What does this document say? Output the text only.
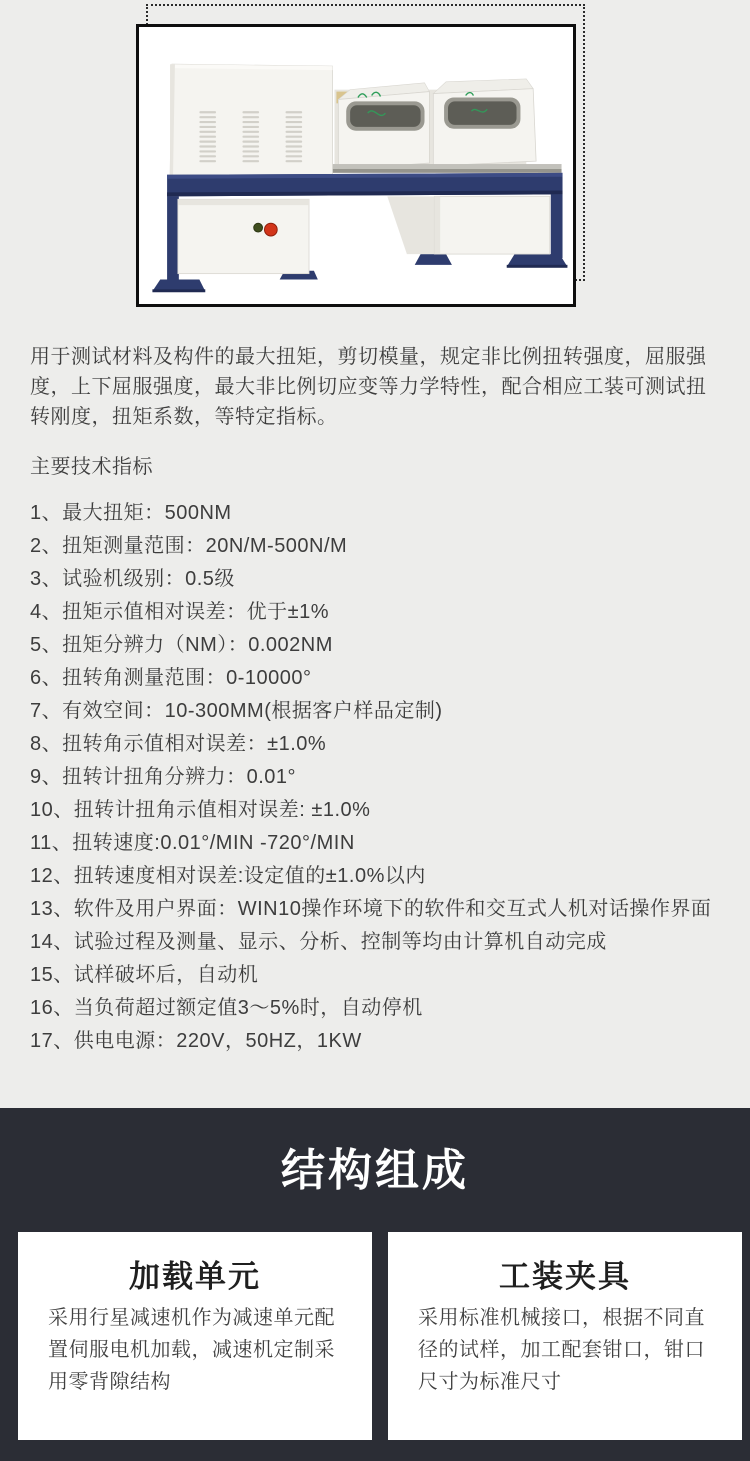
用于测试材料及构件的最大扭矩，剪切模量，规定非比例扭转强度，屈服强度，上下屈服强度，最大非比例切应变等力学特性，配合相应工装可测试扭转刚度，扭矩系数，等特定指标。

主要技术指标

1、最大扭矩：500NM

2、扭矩测量范围：20N/M-500N/M

3、试验机级别：0.5级

4、扭矩示值相对误差：优于±1%

5、扭矩分辨力（NM）：0.002NM

6、扭转角测量范围：0-10000°

7、有效空间：10-300MM(根据客户样品定制)

8、扭转角示值相对误差：±1.0%

9、扭转计扭角分辨力：0.01°

10、扭转计扭角示值相对误差: ±1.0%

11、扭转速度:0.01°/MIN -720°/MIN

12、扭转速度相对误差:设定值的±1.0%以内

13、软件及用户界面：WIN10操作环境下的软件和交互式人机对话操作界面

14、试验过程及测量、显示、分析、控制等均由计算机自动完成

15、试样破坏后，自动机

16、当负荷超过额定值3～5%时，自动停机

17、供电电源：220V，50HZ，1KW

结构组成
加载单元

采用行星减速机作为减速单元配置伺服电机加载，减速机定制采用零背隙结构

工装夹具

采用标准机械接口，根据不同直径的试样，加工配套钳口，钳口尺寸为标准尺寸
